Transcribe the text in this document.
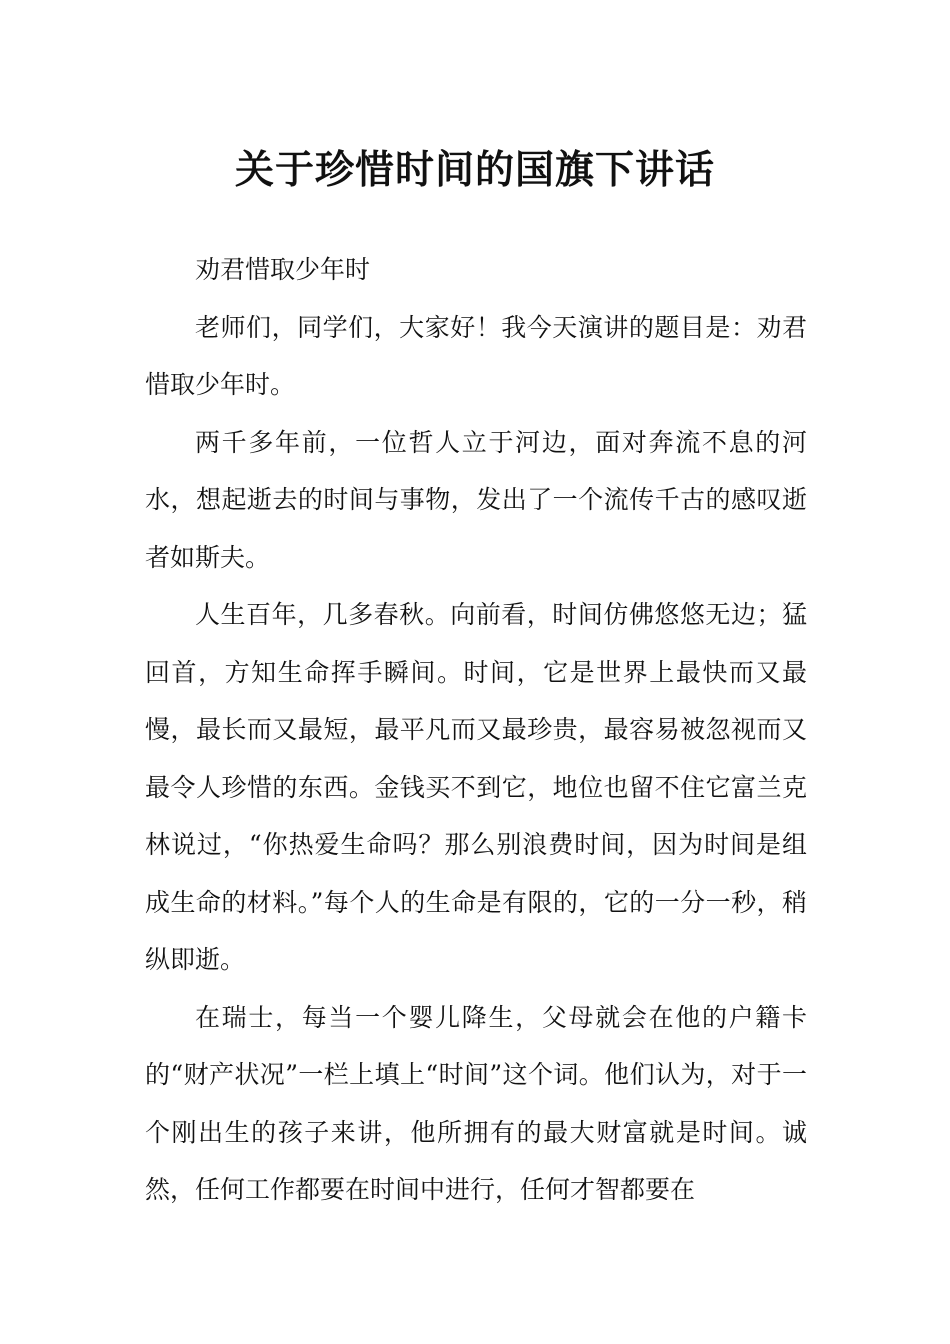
关于珍惜时间的国旗下讲话

劝君惜取少年时

老师们，同学们，大家好！我今天演讲的题目是：劝君惜取少年时。

两千多年前，一位哲人立于河边，面对奔流不息的河水，想起逝去的时间与事物，发出了一个流传千古的感叹逝者如斯夫。

人生百年，几多春秋。向前看，时间仿佛悠悠无边；猛回首，方知生命挥手瞬间。时间，它是世界上最快而又最慢，最长而又最短，最平凡而又最珍贵，最容易被忽视而又最令人珍惜的东西。金钱买不到它，地位也留不住它富兰克林说过，“你热爱生命吗？那么别浪费时间，因为时间是组成生命的材料。”每个人的生命是有限的，它的一分一秒，稍纵即逝。

在瑞士，每当一个婴儿降生，父母就会在他的户籍卡的“财产状况”一栏上填上“时间”这个词。他们认为，对于一个刚出生的孩子来讲，他所拥有的最大财富就是时间。诚然，任何工作都要在时间中进行，任何才智都要在
